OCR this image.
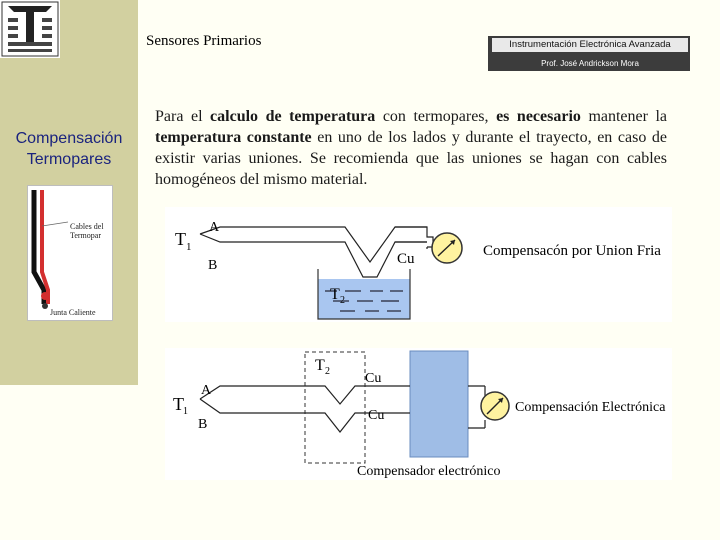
Compensación
Termopares
Cables del Termopar
Junta Caliente
Sensores Primarios	Instrumentación Electrónica Avanzada
Prof. José Andrickson Mora
Para el calculo de temperatura con termopares, es necesario mantener la temperatura constante en uno de los lados y durante el trayecto, en caso de existir varias uniones. Se recomienda que las uniones se hagan con cables homogéneos del mismo material.
T 1
A
B	Cu
T 2
Compensacón por Union Fria
T 1
A
B
T 2	Cu
Cu
Compensación Electrónica
Compensador electrónico
